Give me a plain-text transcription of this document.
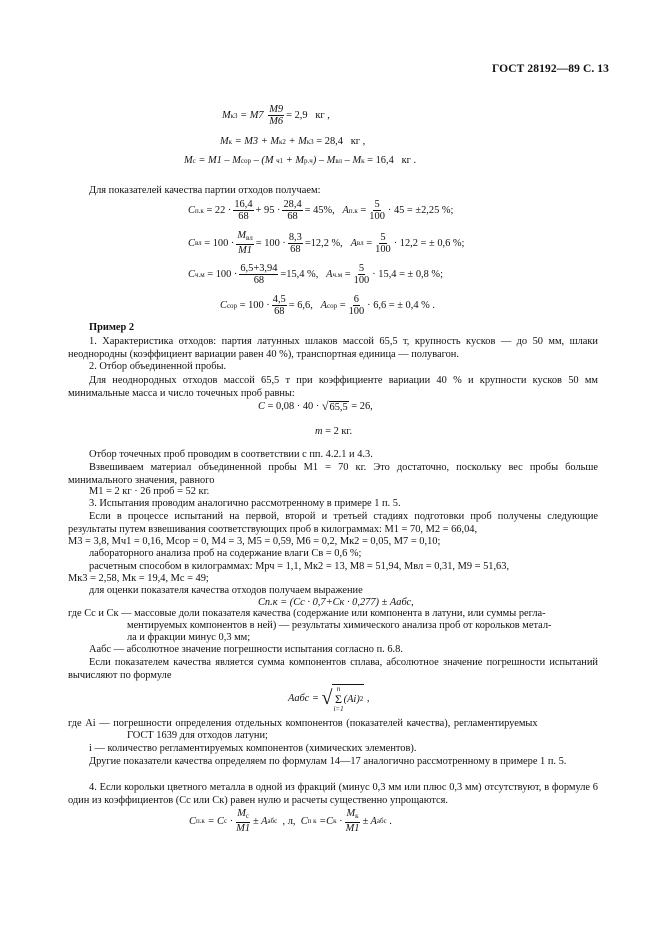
ГОСТ 28192—89 С. 13
M к3
= M7
$\frac{M9}{M6} = 2,9$
кг ,
M к
= M3 + M к2
+ M к3
= 28,4
кг ,
M с
= M1 – M сор
– (M
ч1
+ M р.ч ) – M вл
– M к
= 16,4
кг .
Для показателей качества партии отходов получаем:
C п.к
= $22 \cdot \frac{16,4}{68} + 95 \cdot \frac{28,4}{68} = 45\%$,
A п.к
= $\frac{5}{100} \cdot 45 = \pm 2,25$ %;
C вл
= $100 \cdot \frac{M_{вл}}{M1} = 100 \cdot \frac{8,3}{68} =12,2$ %,
A вл
= $\frac{5}{100} \cdot 12,2$ = ± 0,6 %;
C ч.м
= $100 \cdot \frac{6,5+3,94}{68} =15,4$ %,
A ч.м
= $\frac{5}{100} \cdot 15,4$ = ± 0,8 %;
C сор
= $100 \cdot \frac{4,5}{68} = 6,6$,
A сор
= $\frac{6}{100} \cdot 6,6$ = ± 0,4 % .
Пример 2
1. Характеристика отходов: партия латунных шлаков массой 65,5 т, крупность кусков — до 50 мм, шлаки неоднородны (коэффициент вариации равен 40 %), транспортная единица — полувагон.
2. Отбор объединенной пробы.
Для неоднородных отходов массой 65,5 т при коэффициенте вариации 40 % и крупности кусков 50 мм минимальные масса и число точечных проб равны:
C
= 0,08 · 40 ·
√ 65,5
= 26,
m
= 2 кг.
Отбор точечных проб проводим в соответствии с пп. 4.2.1 и 4.3.
Взвешиваем материал объединенной пробы M1 = 70 кг. Это достаточно, поскольку вес пробы больше минимального значения, равного
M1 = 2 кг · 26 проб = 52 кг.
3. Испытания проводим аналогично рассмотренному в примере 1 п. 5.
Если в процессе испытаний на первой, второй и третьей стадиях подготовки проб получены следующие результаты путем взвешивания соответствующих проб в килограммах: M1 = 70, M2 = 66,04,
M3 = 3,8, Mч1 = 0,16, Mсор = 0, M4 = 3, M5 = 0,59, M6 = 0,2, Mк2 = 0,05, M7 = 0,10;
лабораторного анализа проб на содержание влаги Cв = 0,6 %;
расчетным способом в килограммах: Мрч = 1,1, Мк2 = 13, М8 = 51,94, Mвл = 0,31, М9 = 51,63,
Mк3 = 2,58, Mк = 19,4, Mс = 49;
для оценки показателя качества отходов получаем выражение
Cп.к = (Cс · 0,7+Cк · 0,277) ± Aабс,
где Cс и Cк — массовые доли показателя качества (содержание или компонента в латуни, или суммы регла-
ментируемых компонентов в ней) — результаты химического анализа проб от корольков метал-
ла и фракции минус 0,3 мм;
Aабс — абсолютное значение погрешности испытания согласно п. 6.8.
Если показателем качества является сумма компонентов сплава, абсолютное значение погрешности испытаний вычисляют по формуле
Aабс =
√ n
Σ
i=1
(Ai) 2
,
где Ai — погрешности определения отдельных компонентов (показателей качества), регламентируемых
ГОСТ 1639 для отходов латуни;
i — количество регламентируемых компонентов (химических элементов).
Другие показатели качества определяем по формулам 14—17 аналогично рассмотренному в примере 1 п. 5.
4. Если корольки цветного металла в одной из фракций (минус 0,3 мм или плюс 0,3 мм) отсутствуют, в формуле 6 один из коэффициентов (Cс или Cк) равен нулю и расчеты существенно упрощаются.
C п.к
= C с
· $\frac{M_с}{M1} \pm A$ абс
, л,
C п к
=C к
· $\frac{M_к}{M1} \pm A$ абс
.
